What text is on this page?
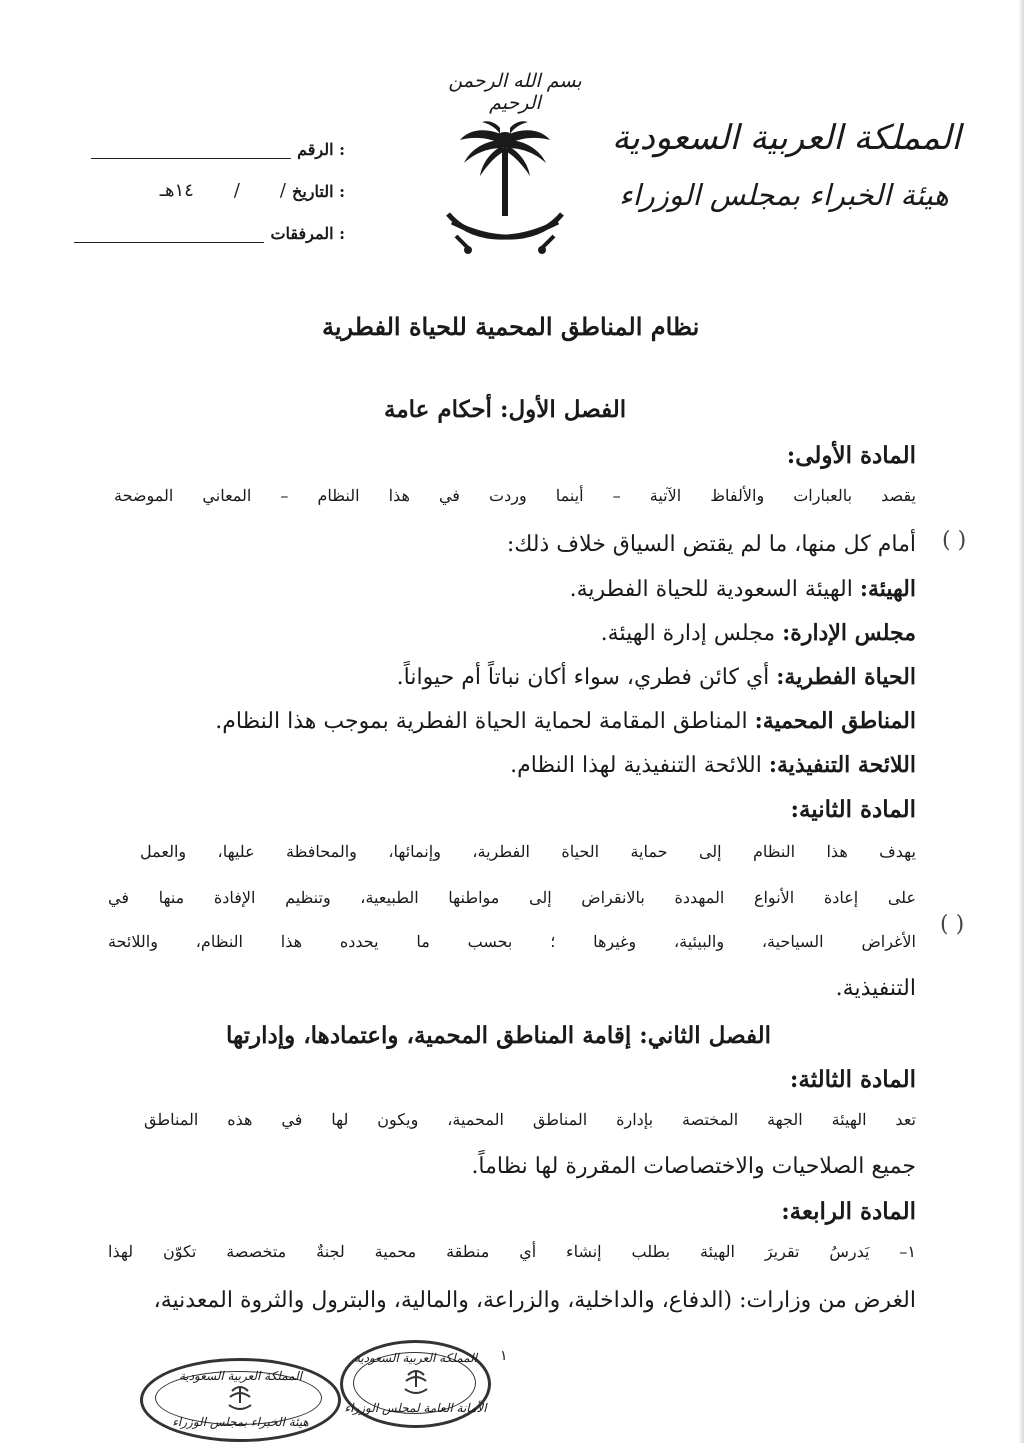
بسم الله الرحمن الرحيم
المملكة العربية السعودية
هيئة الخبراء بمجلس الوزراء
الرقم :
التاريخ :
/
/
١٤هـ
المرفقات :
نظام المناطق المحمية للحياة الفطرية
الفصل الأول: أحكام عامة
المادة الأولى:
يقصد بالعبارات والألفاظ الآتية – أينما وردت في هذا النظام – المعاني الموضحة
أمام كل منها، ما لم يقتض السياق خلاف ذلك:
الهيئة: الهيئة السعودية للحياة الفطرية.
مجلس الإدارة: مجلس إدارة الهيئة.
الحياة الفطرية: أي كائن فطري، سواء أكان نباتاً أم حيواناً.
المناطق المحمية: المناطق المقامة لحماية الحياة الفطرية بموجب هذا النظام.
اللائحة التنفيذية: اللائحة التنفيذية لهذا النظام.
المادة الثانية:
يهدف هذا النظام إلى حماية الحياة الفطرية، وإنمائها، والمحافظة عليها، والعمل
على إعادة الأنواع المهددة بالانقراض إلى مواطنها الطبيعية، وتنظيم الإفادة منها في
الأغراض السياحية، والبيئية، وغيرها ؛ بحسب ما يحدده هذا النظام، واللائحة
التنفيذية.
الفصل الثاني: إقامة المناطق المحمية، واعتمادها، وإدارتها
المادة الثالثة:
تعد الهيئة الجهة المختصة بإدارة المناطق المحمية، ويكون لها في هذه المناطق
جميع الصلاحيات والاختصاصات المقررة لها نظاماً.
المادة الرابعة:
١– يَدرسُ تقريرَ الهيئة بطلب إنشاء أي منطقة محمية لجنةٌ متخصصة تكوّن لهذا
الغرض من وزارات: (الدفاع، والداخلية، والزراعة، والمالية، والبترول والثروة المعدنية،
( )
( )
١
المملكة العربية السعودية
هيئة الخبراء بمجلس الوزراء
المملكة العربية السعودية
الأمانة العامة لمجلس الوزراء
